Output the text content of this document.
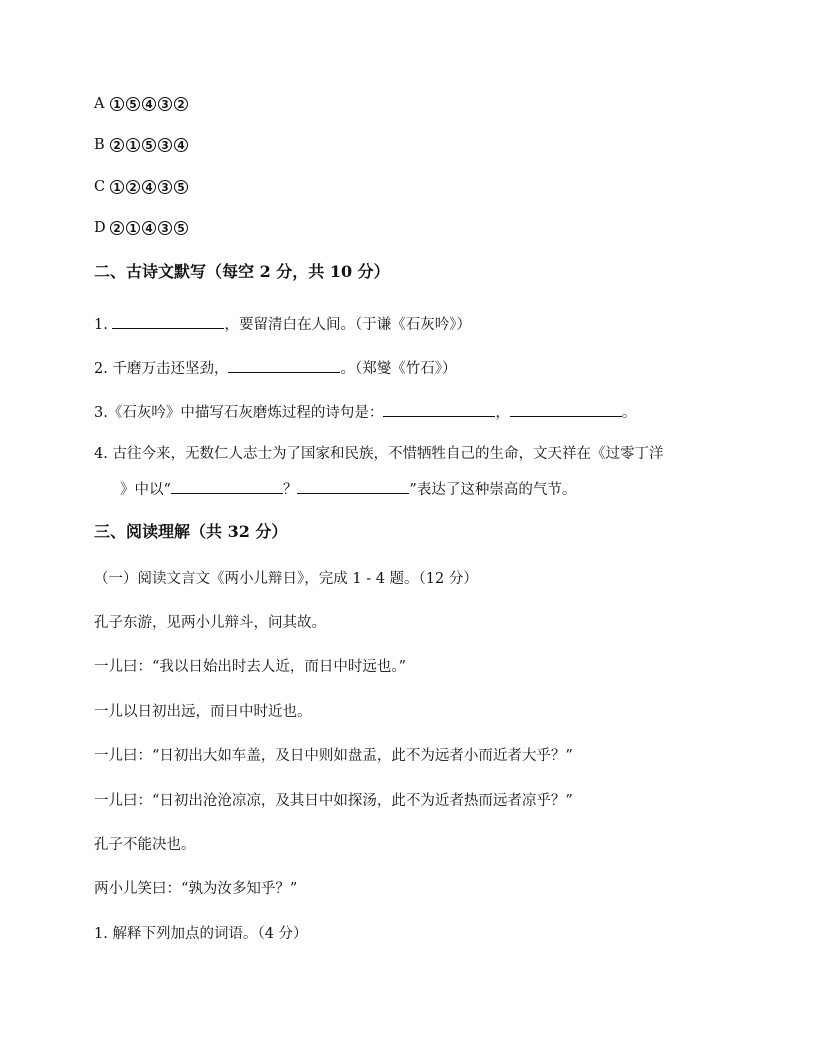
A 1 5 4 3 2
B 2 1 5 3 4
C 1 2 4 3 5
D 2 1 4 3 5
二、古诗文默写（每空 2 分，共 10 分）
1.	，要留清白在人间。（于谦《石灰吟》）
2. 千磨万击还坚劲，	。（郑燮《竹石》）
3.《石灰吟》中描写石灰磨炼过程的诗句是：	，	。
4. 古往今来，无数仁人志士为了国家和民族，不惜牺牲自己的生命，文天祥在《过零丁洋
》中以“	？	”表达了这种崇高的气节。
三、阅读理解（共 32 分）
（一）阅读文言文《两小儿辩日》，完成 1 - 4 题。（12 分）
孔子东游，见两小儿辩斗，问其故。
一儿曰：“我以日始出时去人近，而日中时远也。”
一儿以日初出远，而日中时近也。
一儿曰：“日初出大如车盖，及日中则如盘盂，此不为远者小而近者大乎？”
一儿曰：“日初出沧沧凉凉，及其日中如探汤，此不为近者热而远者凉乎？”
孔子不能决也。
两小儿笑曰：“孰为汝多知乎？”
1. 解释下列加点的词语。（4 分）
